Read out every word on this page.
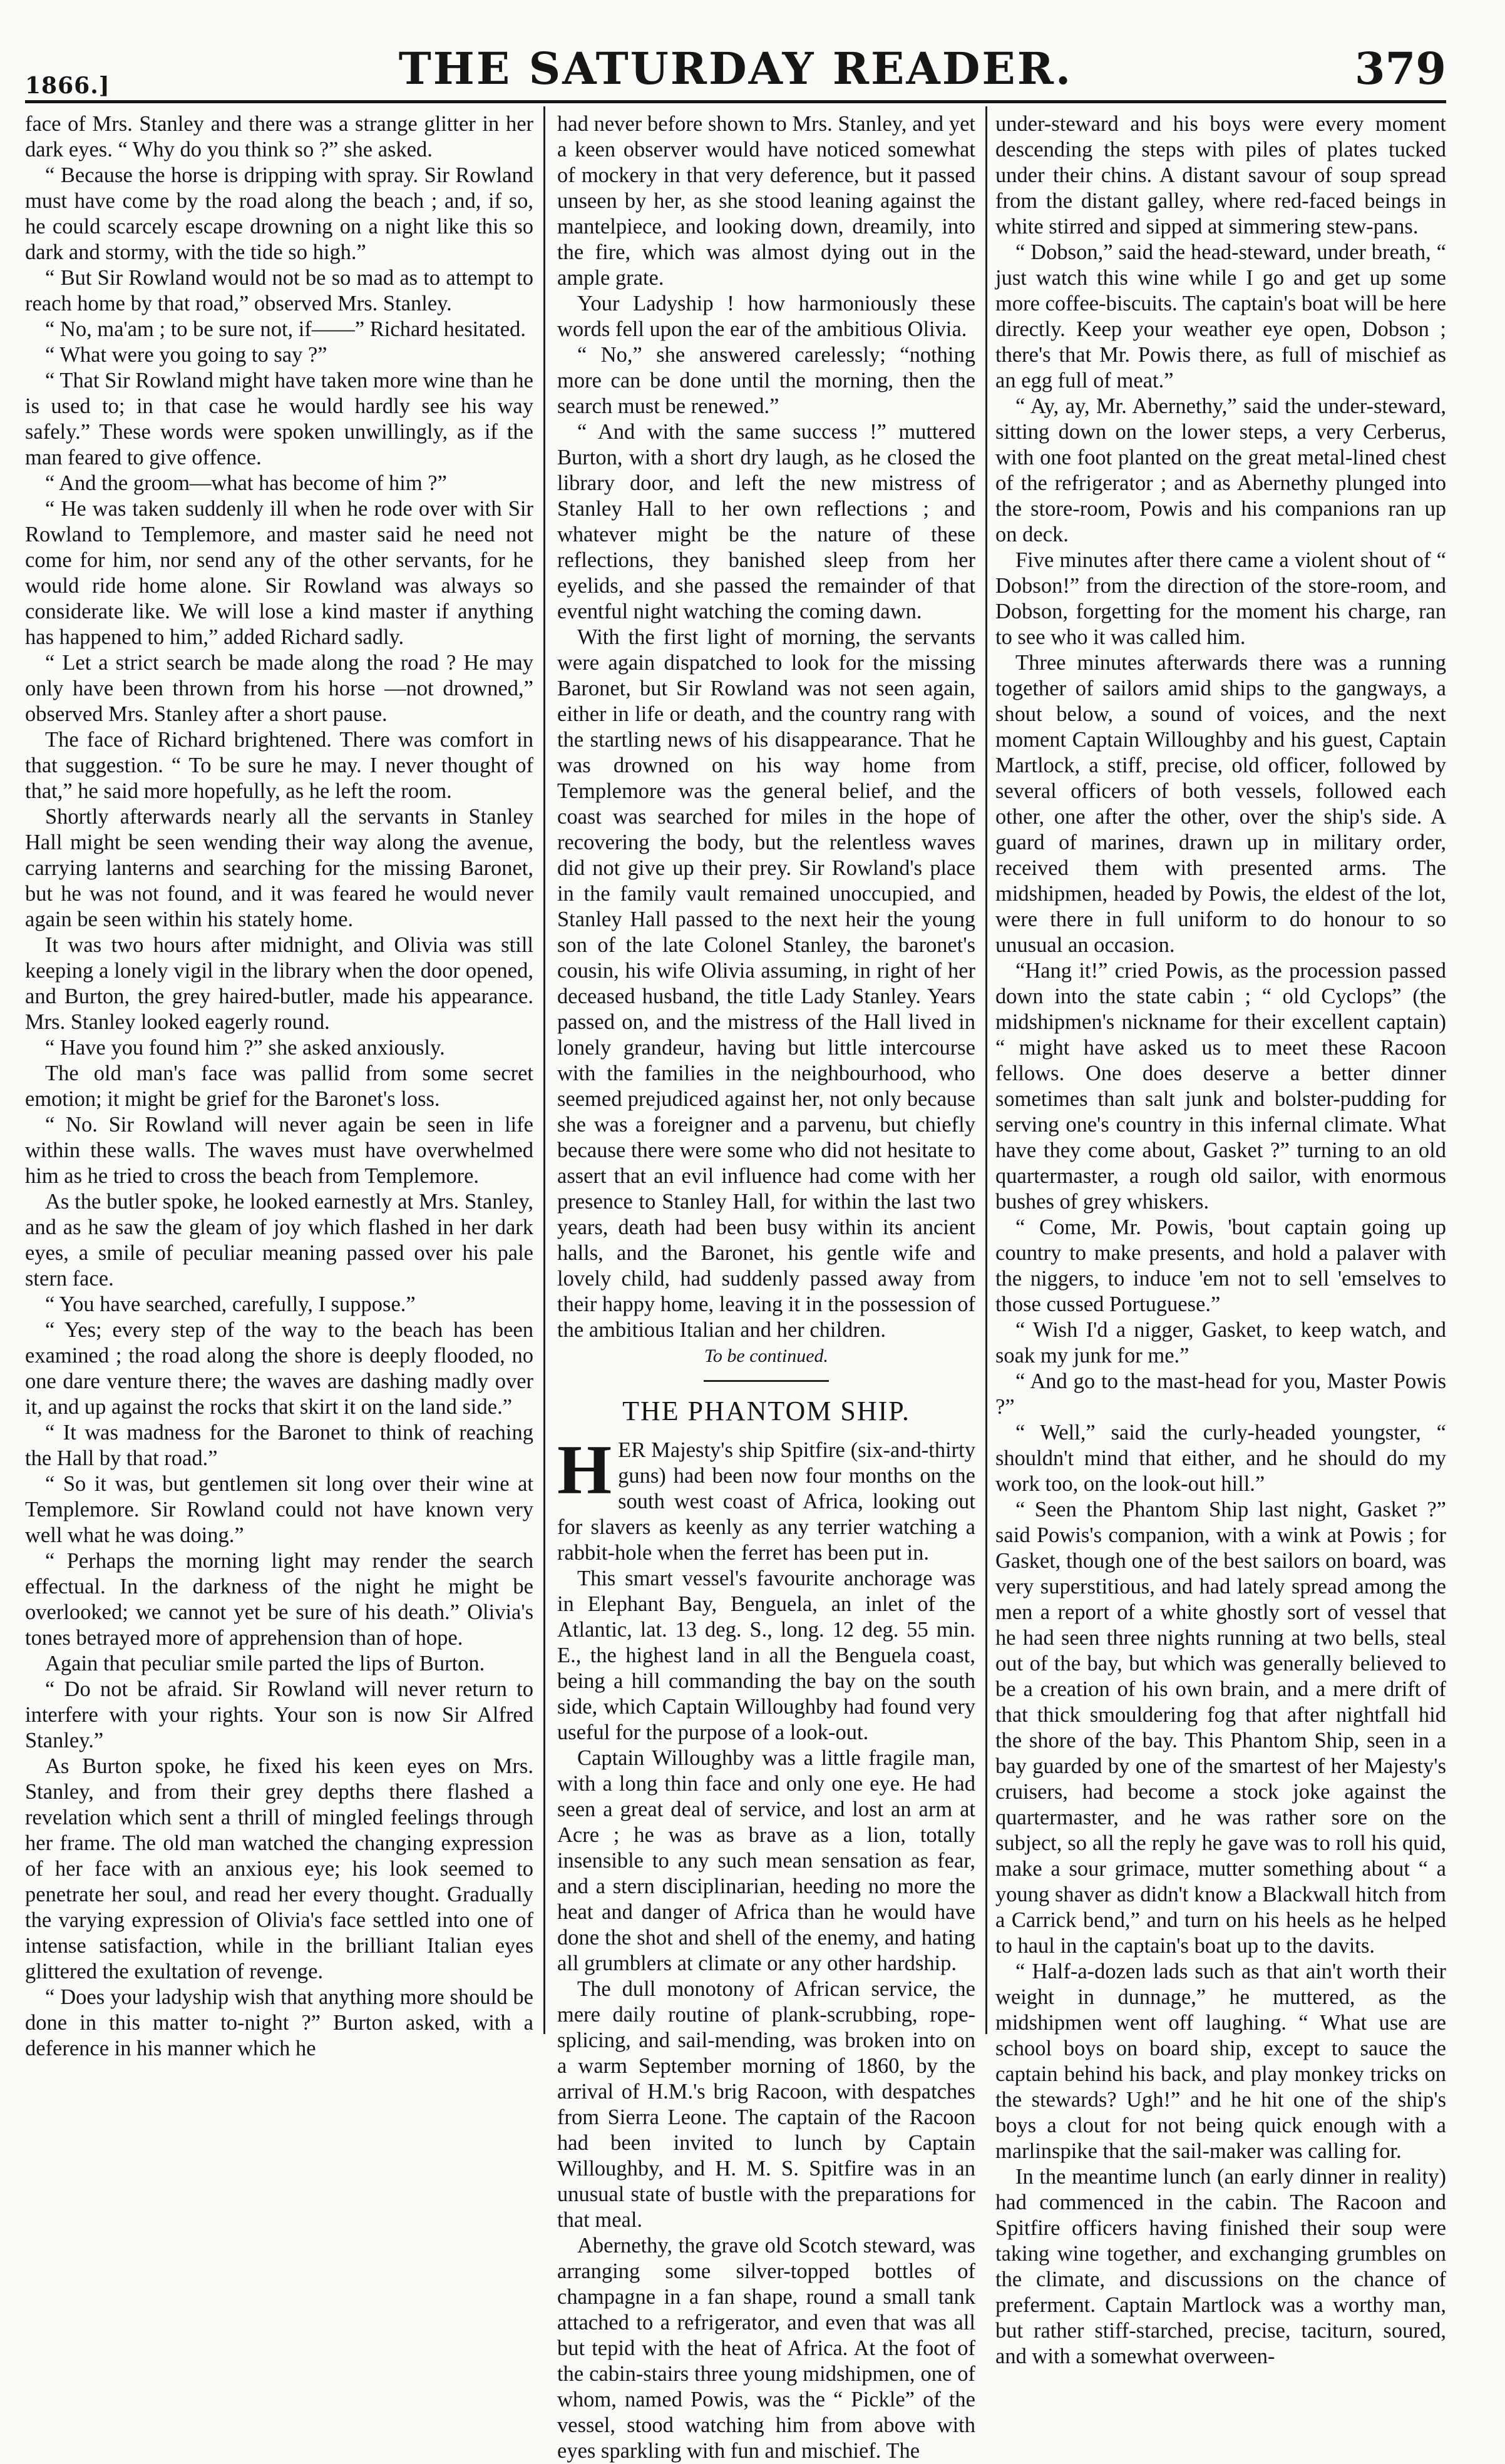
1866.]	THE SATURDAY READER.	379

face of Mrs. Stanley and there was a strange glitter in her dark eyes. “ Why do you think so ?” she asked.

“ Because the horse is dripping with spray. Sir Rowland must have come by the road along the beach ; and, if so, he could scarcely escape drowning on a night like this so dark and stormy, with the tide so high.”

“ But Sir Rowland would not be so mad as to attempt to reach home by that road,” observed Mrs. Stanley.

“ No, ma'am ; to be sure not, if——” Richard hesitated.

“ What were you going to say ?”

“ That Sir Rowland might have taken more wine than he is used to; in that case he would hardly see his way safely.” These words were spoken unwillingly, as if the man feared to give offence.

“ And the groom—what has become of him ?”

“ He was taken suddenly ill when he rode over with Sir Rowland to Templemore, and master said he need not come for him, nor send any of the other servants, for he would ride home alone. Sir Rowland was always so considerate like. We will lose a kind master if anything has happened to him,” added Richard sadly.

“ Let a strict search be made along the road ? He may only have been thrown from his horse —not drowned,” observed Mrs. Stanley after a short pause.

The face of Richard brightened. There was comfort in that suggestion. “ To be sure he may. I never thought of that,” he said more hopefully, as he left the room.

Shortly afterwards nearly all the servants in Stanley Hall might be seen wending their way along the avenue, carrying lanterns and searching for the missing Baronet, but he was not found, and it was feared he would never again be seen within his stately home.

It was two hours after midnight, and Olivia was still keeping a lonely vigil in the library when the door opened, and Burton, the grey haired-butler, made his appearance. Mrs. Stanley looked eagerly round.

“ Have you found him ?” she asked anxiously.

The old man's face was pallid from some secret emotion; it might be grief for the Baronet's loss.

“ No. Sir Rowland will never again be seen in life within these walls. The waves must have overwhelmed him as he tried to cross the beach from Templemore.

As the butler spoke, he looked earnestly at Mrs. Stanley, and as he saw the gleam of joy which flashed in her dark eyes, a smile of peculiar meaning passed over his pale stern face.

“ You have searched, carefully, I suppose.”

“ Yes; every step of the way to the beach has been examined ; the road along the shore is deeply flooded, no one dare venture there; the waves are dashing madly over it, and up against the rocks that skirt it on the land side.”

“ It was madness for the Baronet to think of reaching the Hall by that road.”

“ So it was, but gentlemen sit long over their wine at Templemore. Sir Rowland could not have known very well what he was doing.”

“ Perhaps the morning light may render the search effectual. In the darkness of the night he might be overlooked; we cannot yet be sure of his death.” Olivia's tones betrayed more of apprehension than of hope.

Again that peculiar smile parted the lips of Burton.

“ Do not be afraid. Sir Rowland will never return to interfere with your rights. Your son is now Sir Alfred Stanley.”

As Burton spoke, he fixed his keen eyes on Mrs. Stanley, and from their grey depths there flashed a revelation which sent a thrill of mingled feelings through her frame. The old man watched the changing expression of her face with an anxious eye; his look seemed to penetrate her soul, and read her every thought. Gradually the varying expression of Olivia's face settled into one of intense satisfaction, while in the brilliant Italian eyes glittered the exultation of revenge.

“ Does your ladyship wish that anything more should be done in this matter to-night ?” Burton asked, with a deference in his manner which he

had never before shown to Mrs. Stanley, and yet a keen observer would have noticed somewhat of mockery in that very deference, but it passed unseen by her, as she stood leaning against the mantelpiece, and looking down, dreamily, into the fire, which was almost dying out in the ample grate.

Your Ladyship ! how harmoniously these words fell upon the ear of the ambitious Olivia.

“ No,” she answered carelessly; “nothing more can be done until the morning, then the search must be renewed.”

“ And with the same success !” muttered Burton, with a short dry laugh, as he closed the library door, and left the new mistress of Stanley Hall to her own reflections ; and whatever might be the nature of these reflections, they banished sleep from her eyelids, and she passed the remainder of that eventful night watching the coming dawn.

With the first light of morning, the servants were again dispatched to look for the missing Baronet, but Sir Rowland was not seen again, either in life or death, and the country rang with the startling news of his disappearance. That he was drowned on his way home from Templemore was the general belief, and the coast was searched for miles in the hope of recovering the body, but the relentless waves did not give up their prey. Sir Rowland's place in the family vault remained unoccupied, and Stanley Hall passed to the next heir the young son of the late Colonel Stanley, the baronet's cousin, his wife Olivia assuming, in right of her deceased husband, the title Lady Stanley. Years passed on, and the mistress of the Hall lived in lonely grandeur, having but little intercourse with the families in the neighbourhood, who seemed prejudiced against her, not only because she was a foreigner and a parvenu, but chiefly because there were some who did not hesitate to assert that an evil influence had come with her presence to Stanley Hall, for within the last two years, death had been busy within its ancient halls, and the Baronet, his gentle wife and lovely child, had suddenly passed away from their happy home, leaving it in the possession of the ambitious Italian and her children.

To be continued.

THE PHANTOM SHIP.

HER Majesty's ship Spitfire (six-and-thirty guns) had been now four months on the south west coast of Africa, looking out for slavers as keenly as any terrier watching a rabbit-hole when the ferret has been put in.

This smart vessel's favourite anchorage was in Elephant Bay, Benguela, an inlet of the Atlantic, lat. 13 deg. S., long. 12 deg. 55 min. E., the highest land in all the Benguela coast, being a hill commanding the bay on the south side, which Captain Willoughby had found very useful for the purpose of a look-out.

Captain Willoughby was a little fragile man, with a long thin face and only one eye. He had seen a great deal of service, and lost an arm at Acre ; he was as brave as a lion, totally insensible to any such mean sensation as fear, and a stern disciplinarian, heeding no more the heat and danger of Africa than he would have done the shot and shell of the enemy, and hating all grumblers at climate or any other hardship.

The dull monotony of African service, the mere daily routine of plank-scrubbing, rope-splicing, and sail-mending, was broken into on a warm September morning of 1860, by the arrival of H.M.'s brig Racoon, with despatches from Sierra Leone. The captain of the Racoon had been invited to lunch by Captain Willoughby, and H. M. S. Spitfire was in an unusual state of bustle with the preparations for that meal.

Abernethy, the grave old Scotch steward, was arranging some silver-topped bottles of champagne in a fan shape, round a small tank attached to a refrigerator, and even that was all but tepid with the heat of Africa. At the foot of the cabin-stairs three young midshipmen, one of whom, named Powis, was the “ Pickle” of the vessel, stood watching him from above with eyes sparkling with fun and mischief. The

under-steward and his boys were every moment descending the steps with piles of plates tucked under their chins. A distant savour of soup spread from the distant galley, where red-faced beings in white stirred and sipped at simmering stew-pans.

“ Dobson,” said the head-steward, under breath, “ just watch this wine while I go and get up some more coffee-biscuits. The captain's boat will be here directly. Keep your weather eye open, Dobson ; there's that Mr. Powis there, as full of mischief as an egg full of meat.”

“ Ay, ay, Mr. Abernethy,” said the under-steward, sitting down on the lower steps, a very Cerberus, with one foot planted on the great metal-lined chest of the refrigerator ; and as Abernethy plunged into the store-room, Powis and his companions ran up on deck.

Five minutes after there came a violent shout of “ Dobson!” from the direction of the store-room, and Dobson, forgetting for the moment his charge, ran to see who it was called him.

Three minutes afterwards there was a running together of sailors amid ships to the gangways, a shout below, a sound of voices, and the next moment Captain Willoughby and his guest, Captain Martlock, a stiff, precise, old officer, followed by several officers of both vessels, followed each other, one after the other, over the ship's side. A guard of marines, drawn up in military order, received them with presented arms. The midshipmen, headed by Powis, the eldest of the lot, were there in full uniform to do honour to so unusual an occasion.

“Hang it!” cried Powis, as the procession passed down into the state cabin ; “ old Cyclops” (the midshipmen's nickname for their excellent captain) “ might have asked us to meet these Racoon fellows. One does deserve a better dinner sometimes than salt junk and bolster-pudding for serving one's country in this infernal climate. What have they come about, Gasket ?” turning to an old quartermaster, a rough old sailor, with enormous bushes of grey whiskers.

“ Come, Mr. Powis, 'bout captain going up country to make presents, and hold a palaver with the niggers, to induce 'em not to sell 'emselves to those cussed Portuguese.”

“ Wish I'd a nigger, Gasket, to keep watch, and soak my junk for me.”

“ And go to the mast-head for you, Master Powis ?”

“ Well,” said the curly-headed youngster, “ shouldn't mind that either, and he should do my work too, on the look-out hill.”

“ Seen the Phantom Ship last night, Gasket ?” said Powis's companion, with a wink at Powis ; for Gasket, though one of the best sailors on board, was very superstitious, and had lately spread among the men a report of a white ghostly sort of vessel that he had seen three nights running at two bells, steal out of the bay, but which was generally believed to be a creation of his own brain, and a mere drift of that thick smouldering fog that after nightfall hid the shore of the bay. This Phantom Ship, seen in a bay guarded by one of the smartest of her Majesty's cruisers, had become a stock joke against the quartermaster, and he was rather sore on the subject, so all the reply he gave was to roll his quid, make a sour grimace, mutter something about “ a young shaver as didn't know a Blackwall hitch from a Carrick bend,” and turn on his heels as he helped to haul in the captain's boat up to the davits.

“ Half-a-dozen lads such as that ain't worth their weight in dunnage,” he muttered, as the midshipmen went off laughing. “ What use are school boys on board ship, except to sauce the captain behind his back, and play monkey tricks on the stewards? Ugh!” and he hit one of the ship's boys a clout for not being quick enough with a marlinspike that the sail-maker was calling for.

In the meantime lunch (an early dinner in reality) had commenced in the cabin. The Racoon and Spitfire officers having finished their soup were taking wine together, and exchanging grumbles on the climate, and discussions on the chance of preferment. Captain Martlock was a worthy man, but rather stiff-starched, precise, taciturn, soured, and with a somewhat overween-
